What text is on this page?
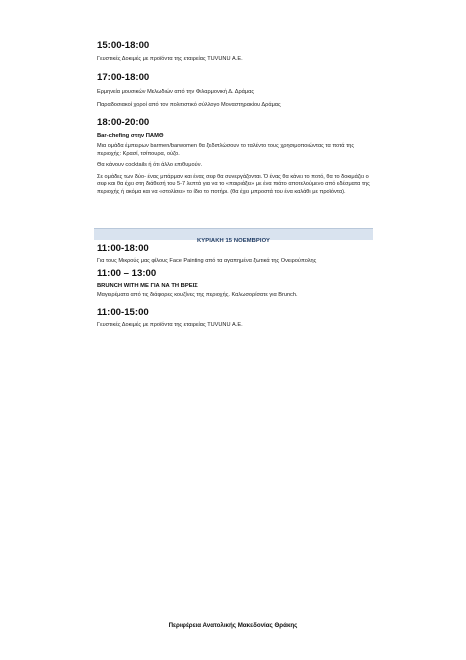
15:00-18:00

Γευστικές Δοκιμές με προϊόντα της εταιρείας TUVUNU Α.Ε.

17:00-18:00

Ερμηνεία μουσικών Μελωδιών από την Φιλαρμονική Δ. Δράμας

Παραδοσιακοί χοροί από τον πολιτιστικό σύλλογο Μοναστηρακίου Δράμας

18:00-20:00

Bar-chefing στην ΠΑΜΘ

Μια ομάδα έμπειρων barmen/barwomen θα ξεδιπλώσουν το ταλέντο τους χρησιμοποιώντας τα ποτά της περιοχής: Κρασί, τσίπουρα, ούζο.

Θα κάνουν cocktails ή ότι άλλο επιθυμούν.

Σε ομάδες των δύο- ένας μπάρμαν και ένας σεφ θα συνεργάζονται. Ό ένας θα κάνει το ποτό, θα το δοκιμάζει ο σεφ και θα έχει στη διάθεσή του 5-7 λεπτά για να το «παιριάξει» με ένα πιάτο αποτελούμενο από εδέσματα της περιοχής ή ακόμα και να «στολίσει» το ίδιο το ποτήρι. (θα έχει μπροστά του ένα καλάθι με προϊόντα).

ΚΥΡΙΑΚΗ 15 ΝΟΕΜΒΡΙΟΥ

11:00-18:00

Για τους Μικρούς μας φίλους Face Painting από τα αγαπημένα ξωτικά της Ονειρούπολης

11:00 – 13:00

BRUNCH WITH ΜΕ ΓΙΑ ΝΑ ΤΗ ΒΡΕΙΣ

Μαγειρέματα από τις διάφορες κουζίνες της περιοχής. Καλωσορίσατε για Brunch.

11:00-15:00

Γευστικές Δοκιμές με προϊόντα της εταιρείας TUVUNU Α.Ε.

Περιφέρεια Ανατολικής Μακεδονίας Θράκης
